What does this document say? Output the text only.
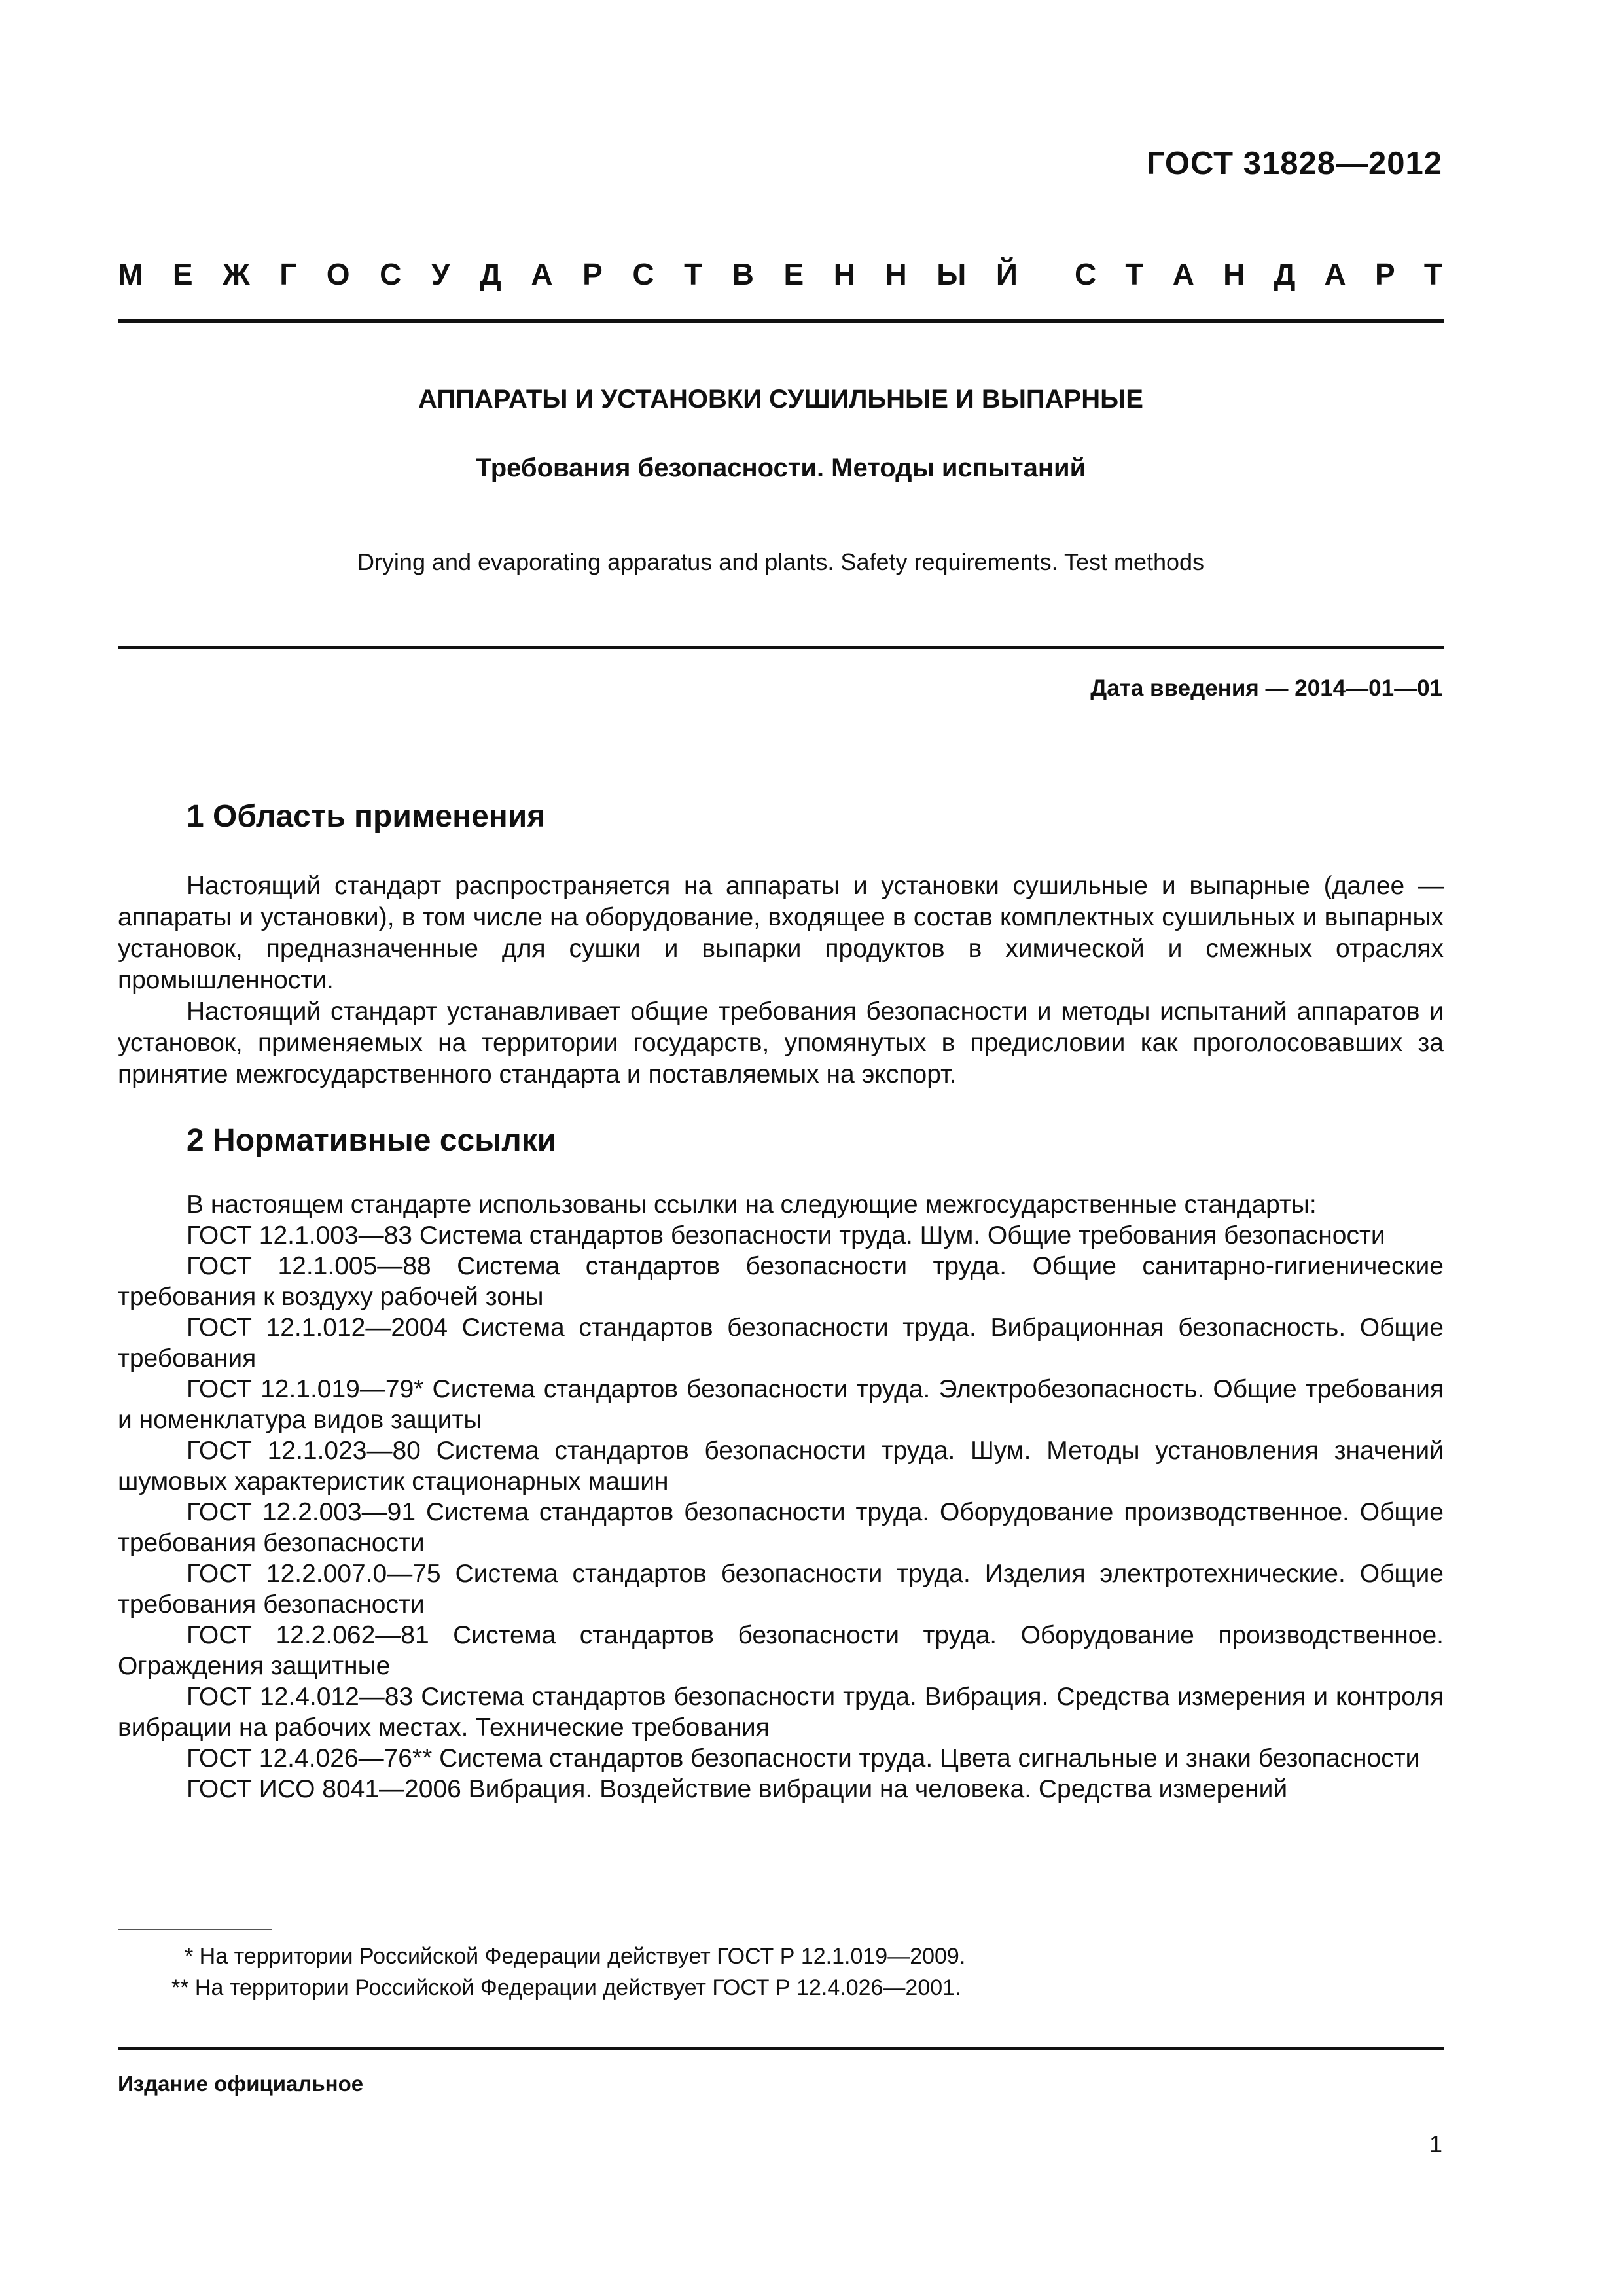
ГОСТ 31828—2012
М Е Ж Г О С У Д А Р С Т В Е Н Н Ы Й С Т А Н Д А Р Т
АППАРАТЫ И УСТАНОВКИ СУШИЛЬНЫЕ И ВЫПАРНЫЕ
Требования безопасности. Методы испытаний
Drying and evaporating apparatus and plants. Safety requirements. Test methods
Дата введения — 2014—01—01
1 Область применения

Настоящий стандарт распространяется на аппараты и установки сушильные и выпарные (далее — аппараты и установки), в том числе на оборудование, входящее в состав комплектных сушильных и выпарных установок, предназначенные для сушки и выпарки продуктов в химической и смежных отраслях промышленности.

Настоящий стандарт устанавливает общие требования безопасности и методы испытаний аппаратов и установок, применяемых на территории государств, упомянутых в предисловии как проголосовавших за принятие межгосударственного стандарта и поставляемых на экспорт.

2 Нормативные ссылки

В настоящем стандарте использованы ссылки на следующие межгосударственные стандарты:

ГОСТ 12.1.003—83 Система стандартов безопасности труда. Шум. Общие требования безопасности

ГОСТ 12.1.005—88 Система стандартов безопасности труда. Общие санитарно-гигиенические требования к воздуху рабочей зоны

ГОСТ 12.1.012—2004 Система стандартов безопасности труда. Вибрационная безопасность. Общие требования

ГОСТ 12.1.019—79* Система стандартов безопасности труда. Электробезопасность. Общие требования и номенклатура видов защиты

ГОСТ 12.1.023—80 Система стандартов безопасности труда. Шум. Методы установления значений шумовых характеристик стационарных машин

ГОСТ 12.2.003—91 Система стандартов безопасности труда. Оборудование производственное. Общие требования безопасности

ГОСТ 12.2.007.0—75 Система стандартов безопасности труда. Изделия электротехнические. Общие требования безопасности

ГОСТ 12.2.062—81 Система стандартов безопасности труда. Оборудование производственное. Ограждения защитные

ГОСТ 12.4.012—83 Система стандартов безопасности труда. Вибрация. Средства измерения и контроля вибрации на рабочих местах. Технические требования

ГОСТ 12.4.026—76** Система стандартов безопасности труда. Цвета сигнальные и знаки безопасности

ГОСТ ИСО 8041—2006 Вибрация. Воздействие вибрации на человека. Средства измерений

* На территории Российской Федерации действует ГОСТ Р 12.1.019—2009.
** На территории Российской Федерации действует ГОСТ Р 12.4.026—2001.
Издание официальное
1
